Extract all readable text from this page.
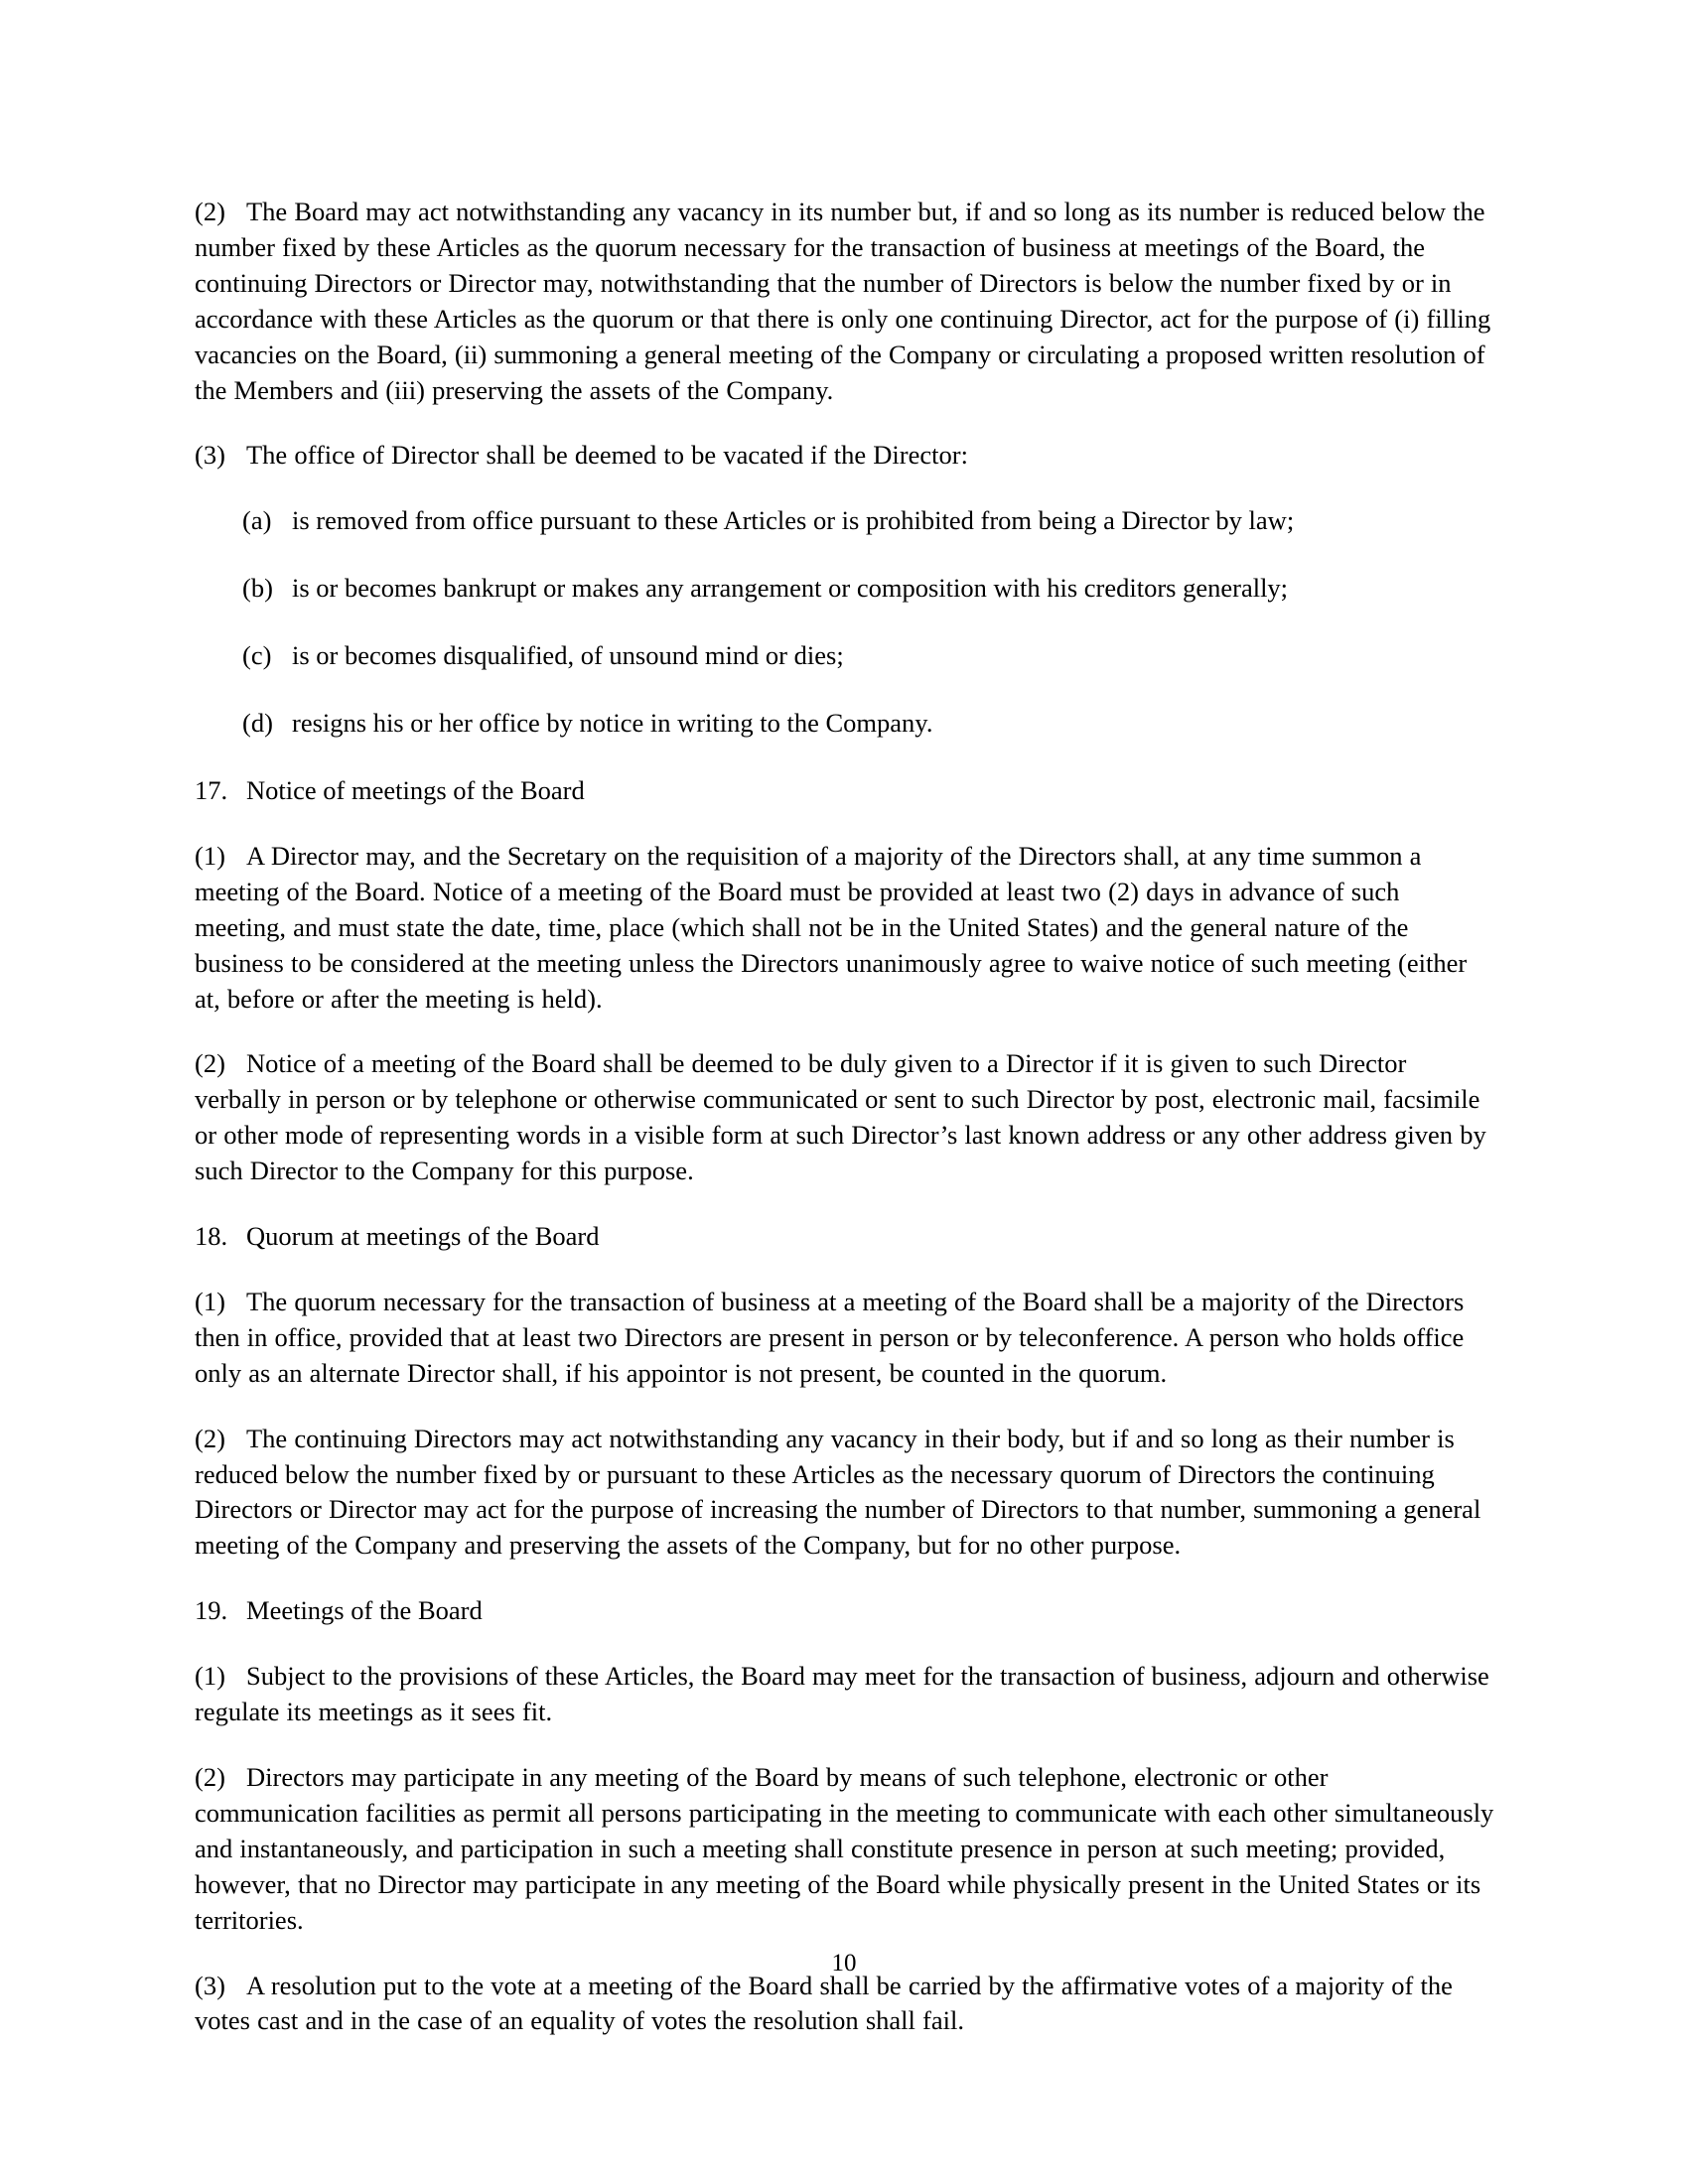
(2) The Board may act notwithstanding any vacancy in its number but, if and so long as its number is reduced below the number fixed by these Articles as the quorum necessary for the transaction of business at meetings of the Board, the continuing Directors or Director may, notwithstanding that the number of Directors is below the number fixed by or in accordance with these Articles as the quorum or that there is only one continuing Director, act for the purpose of (i) filling vacancies on the Board, (ii) summoning a general meeting of the Company or circulating a proposed written resolution of the Members and (iii) preserving the assets of the Company.

(3) The office of Director shall be deemed to be vacated if the Director:

(a) is removed from office pursuant to these Articles or is prohibited from being a Director by law;
(b) is or becomes bankrupt or makes any arrangement or composition with his creditors generally;
(c) is or becomes disqualified, of unsound mind or dies;
(d) resigns his or her office by notice in writing to the Company.

17. Notice of meetings of the Board

(1) A Director may, and the Secretary on the requisition of a majority of the Directors shall, at any time summon a meeting of the Board. Notice of a meeting of the Board must be provided at least two (2) days in advance of such meeting, and must state the date, time, place (which shall not be in the United States) and the general nature of the business to be considered at the meeting unless the Directors unanimously agree to waive notice of such meeting (either at, before or after the meeting is held).

(2) Notice of a meeting of the Board shall be deemed to be duly given to a Director if it is given to such Director verbally in person or by telephone or otherwise communicated or sent to such Director by post, electronic mail, facsimile or other mode of representing words in a visible form at such Director’s last known address or any other address given by such Director to the Company for this purpose.

18. Quorum at meetings of the Board

(1) The quorum necessary for the transaction of business at a meeting of the Board shall be a majority of the Directors then in office, provided that at least two Directors are present in person or by teleconference. A person who holds office only as an alternate Director shall, if his appointor is not present, be counted in the quorum.

(2) The continuing Directors may act notwithstanding any vacancy in their body, but if and so long as their number is reduced below the number fixed by or pursuant to these Articles as the necessary quorum of Directors the continuing Directors or Director may act for the purpose of increasing the number of Directors to that number, summoning a general meeting of the Company and preserving the assets of the Company, but for no other purpose.

19. Meetings of the Board

(1) Subject to the provisions of these Articles, the Board may meet for the transaction of business, adjourn and otherwise regulate its meetings as it sees fit.

(2) Directors may participate in any meeting of the Board by means of such telephone, electronic or other communication facilities as permit all persons participating in the meeting to communicate with each other simultaneously and instantaneously, and participation in such a meeting shall constitute presence in person at such meeting; provided, however, that no Director may participate in any meeting of the Board while physically present in the United States or its territories.

(3) A resolution put to the vote at a meeting of the Board shall be carried by the affirmative votes of a majority of the votes cast and in the case of an equality of votes the resolution shall fail.

10
